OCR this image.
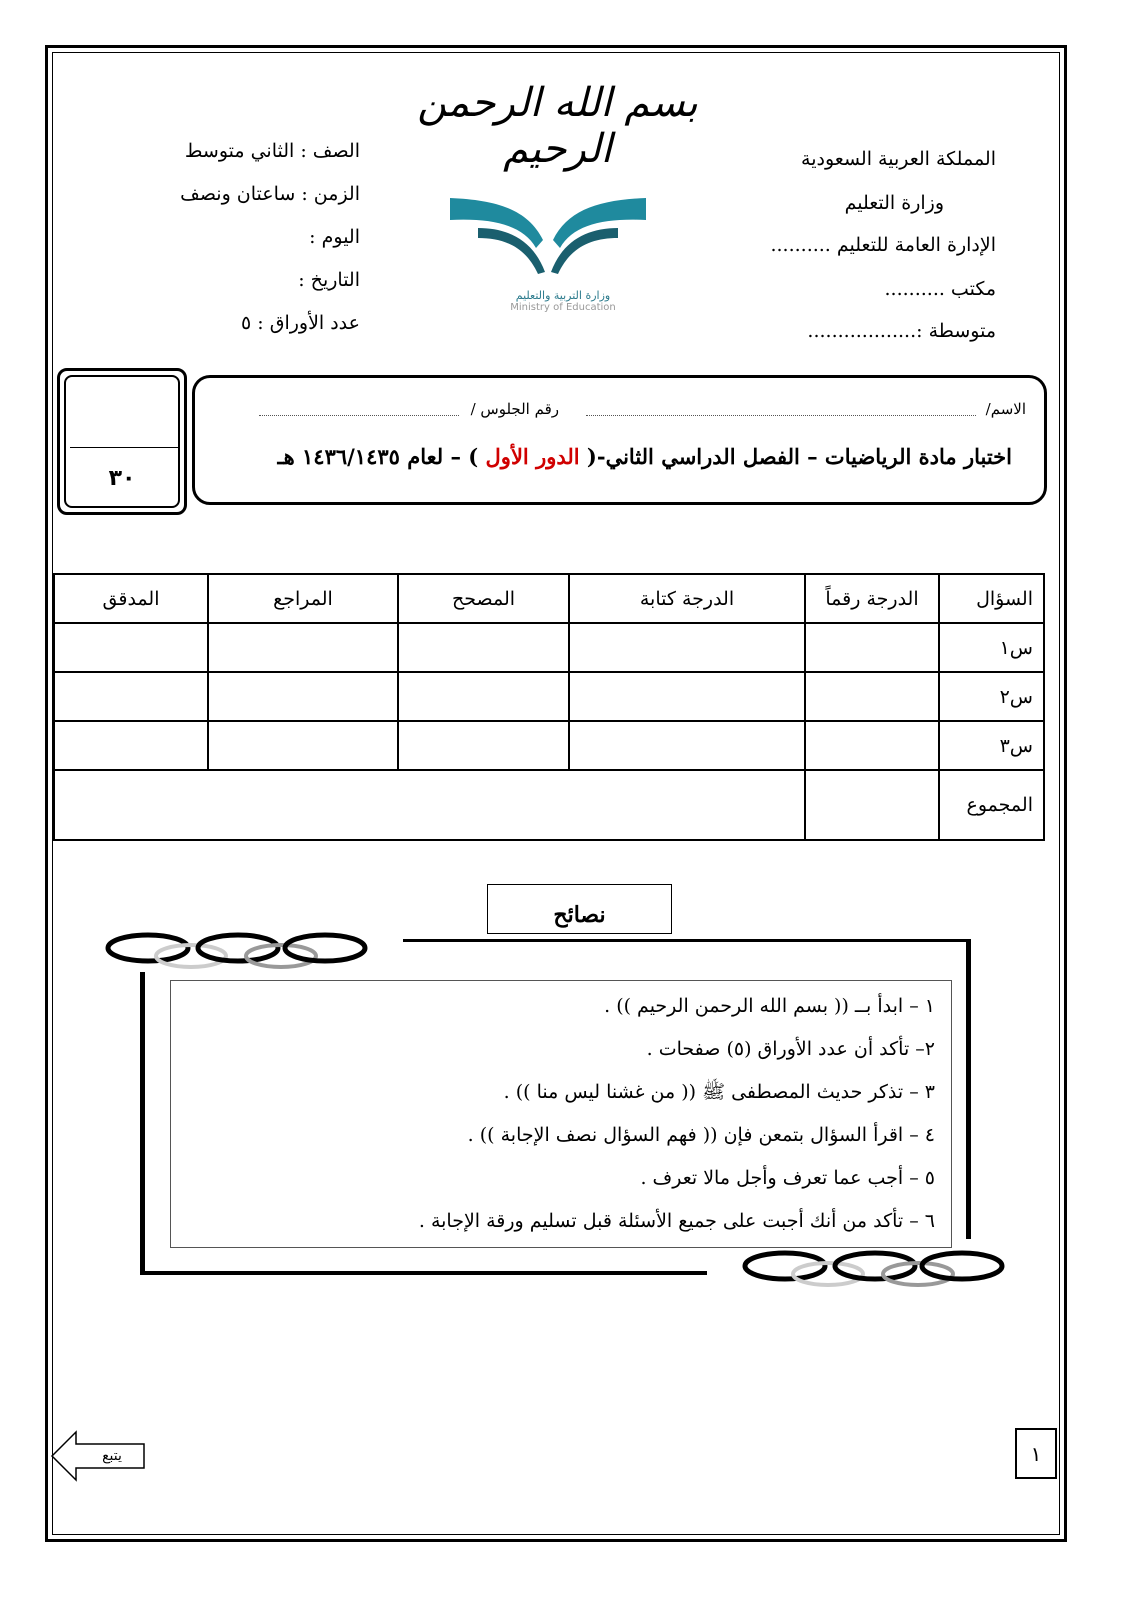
بسم الله الرحمن الرحيم	المملكة العربية السعودية
وزارة التعليم
الإدارة العامة للتعليم ..........
مكتب ..........
متوسطة :..................
الصف : الثاني متوسط
الزمن : ساعتان ونصف
اليوم :
التاريخ :
عدد الأوراق : ٥
وزارة التربية والتعليم
Ministry of Education
٣٠
الاسم/
رقم الجلوس /
اختبار مادة الرياضيات – الفصل الدراسي الثاني-( الدور الأول ) – لعام ١٤٣٦/١٤٣٥ هـ
السؤال	الدرجة رقماً	الدرجة كتابة	المصحح	المراجع	المدقق
س١					
س٢					
س٣					
المجموع					
نصائح
١ – ابدأ بــ (( بسم الله الرحمن الرحيم )) .
٢– تأكد أن عدد الأوراق (٥) صفحات .
٣ – تذكر حديث المصطفى ﷺ (( من غشنا ليس منا )) .
٤ – اقرأ السؤال بتمعن فإن (( فهم السؤال نصف الإجابة )) .
٥ – أجب عما تعرف وأجل مالا تعرف .
٦ – تأكد من أنك أجبت على جميع الأسئلة قبل تسليم ورقة الإجابة .
يتبع	١
